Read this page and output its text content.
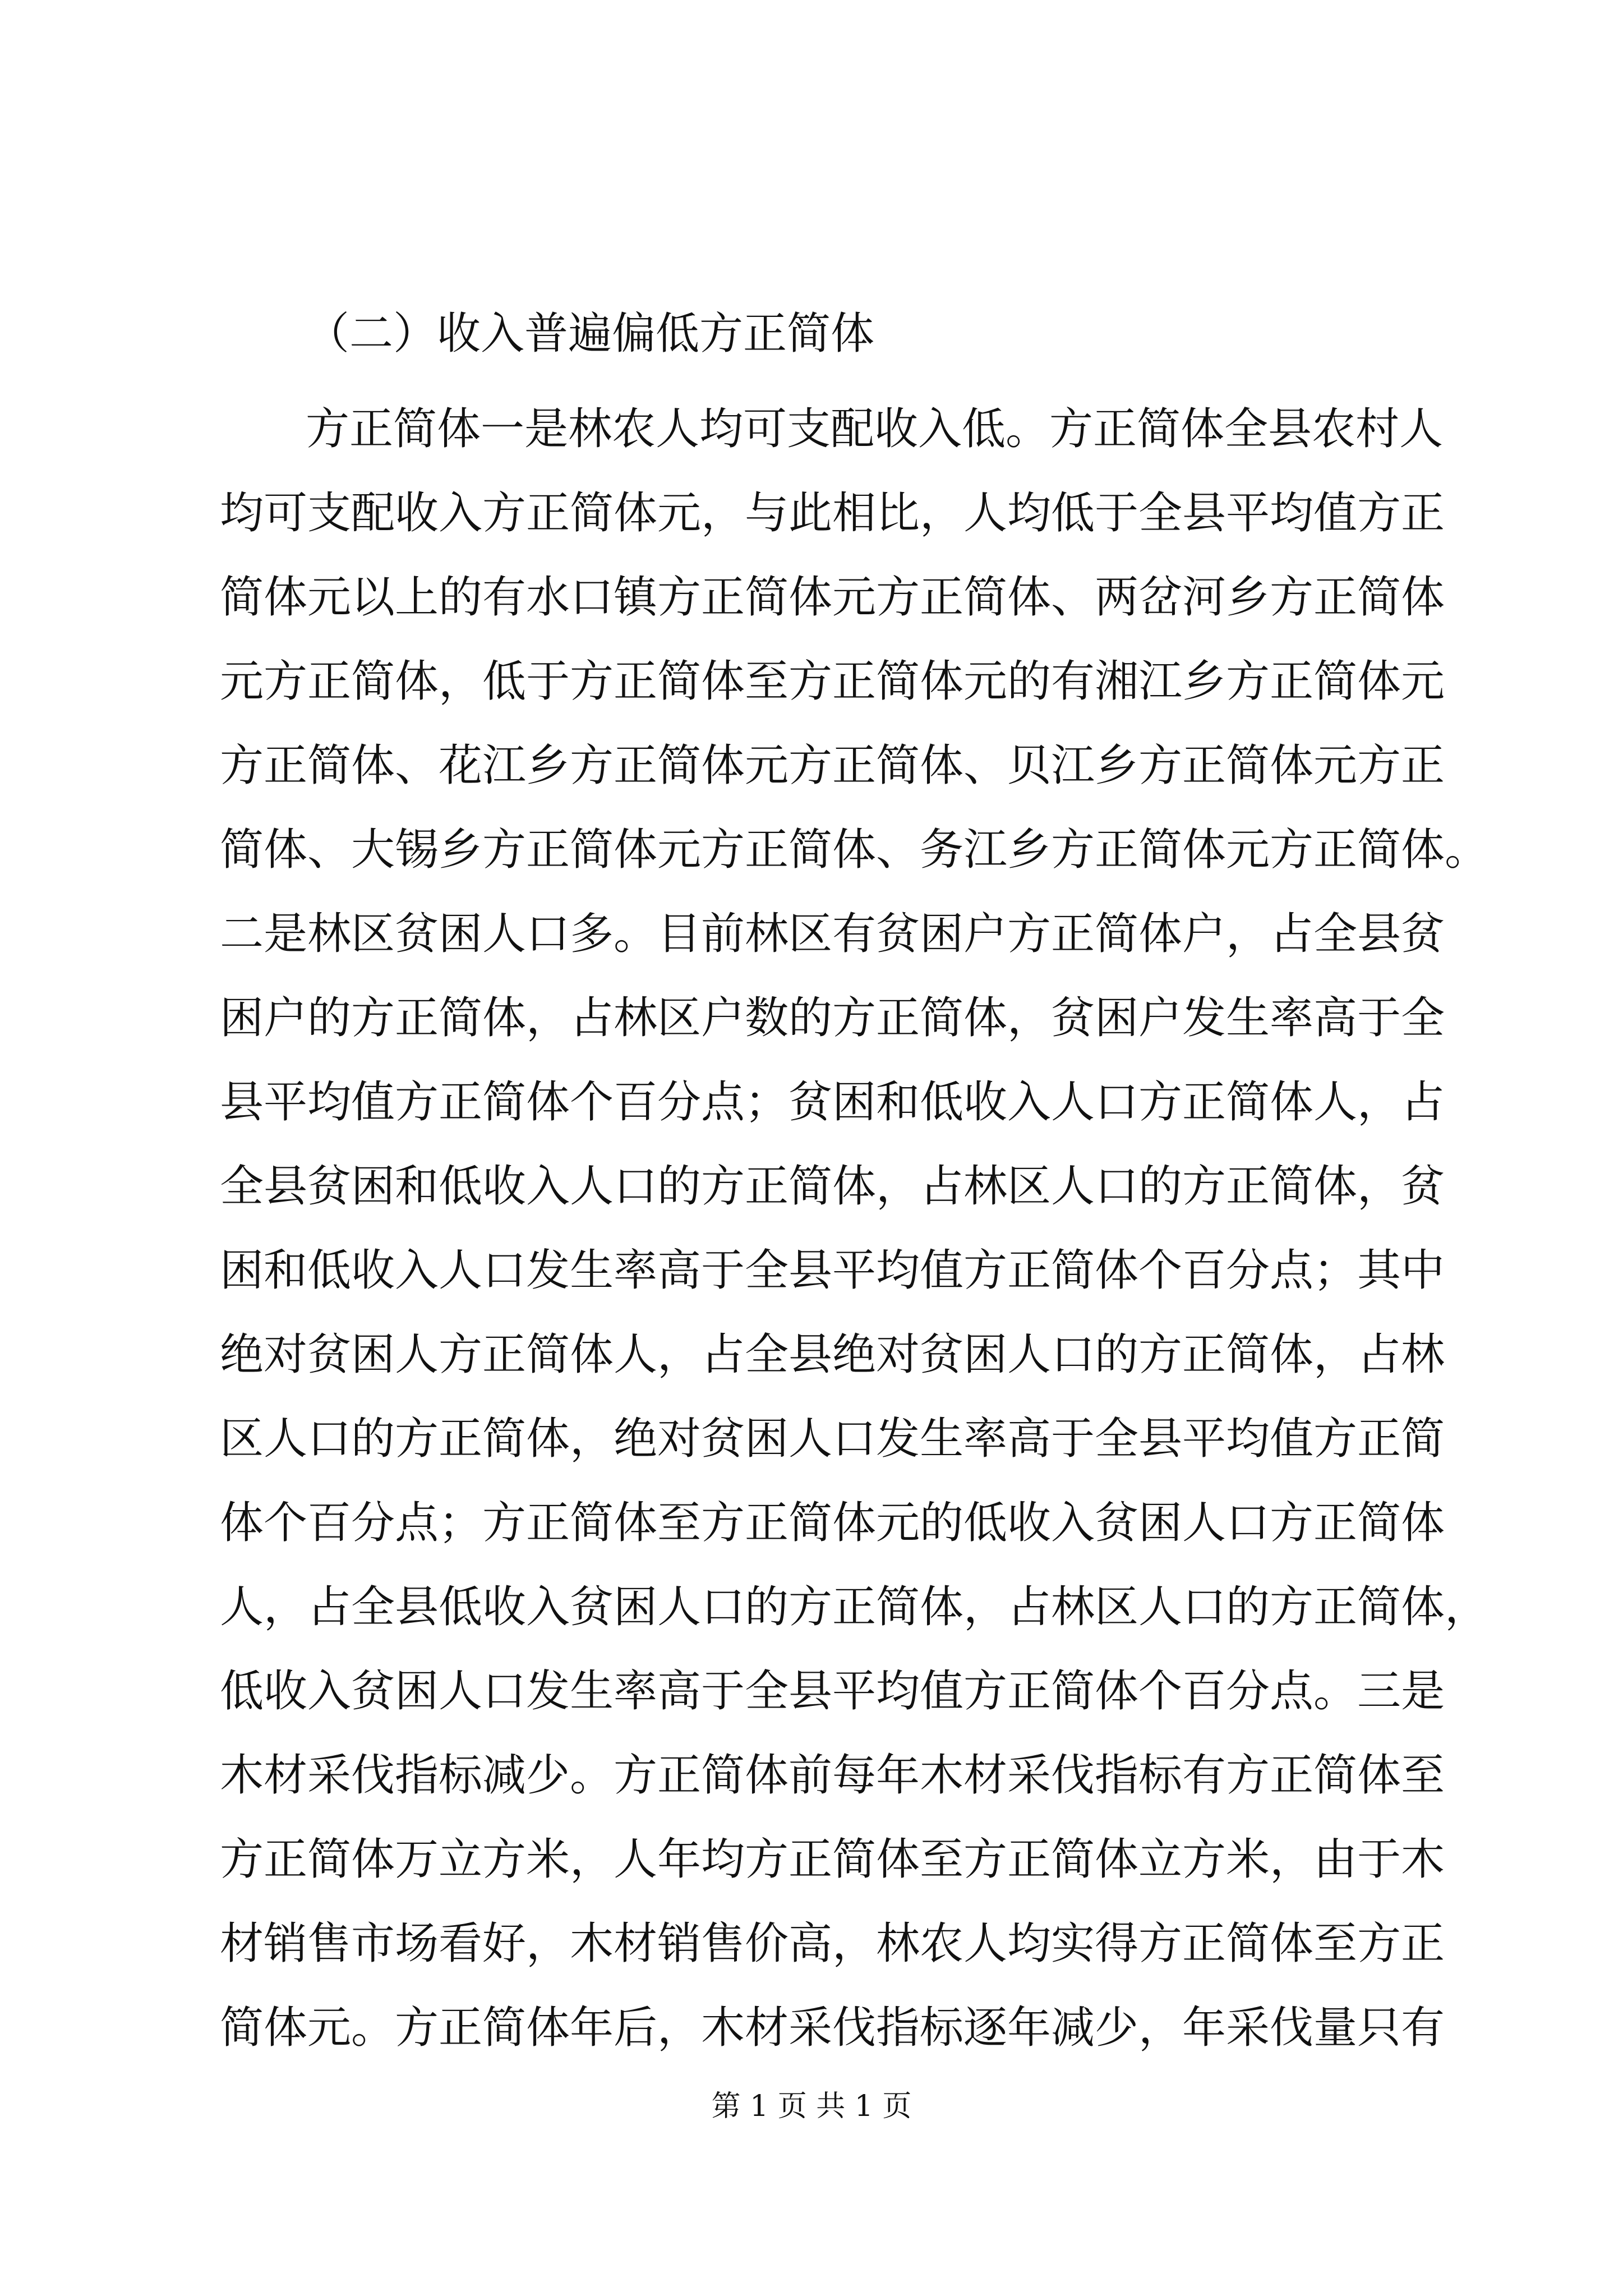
（二）收入普遍偏低方正简体
方正简体一是林农人均可支配收入低。方正简体全县农村人
均可支配收入方正简体元，与此相比，人均低于全县平均值方正
简体元以上的有水口镇方正简体元方正简体、两岔河乡方正简体
元方正简体，低于方正简体至方正简体元的有湘江乡方正简体元
方正简体、花江乡方正简体元方正简体、贝江乡方正简体元方正
简体、大锡乡方正简体元方正简体、务江乡方正简体元方正简体。
二是林区贫困人口多。目前林区有贫困户方正简体户，占全县贫
困户的方正简体，占林区户数的方正简体，贫困户发生率高于全
县平均值方正简体个百分点；贫困和低收入人口方正简体人，占
全县贫困和低收入人口的方正简体，占林区人口的方正简体，贫
困和低收入人口发生率高于全县平均值方正简体个百分点；其中
绝对贫困人方正简体人，占全县绝对贫困人口的方正简体，占林
区人口的方正简体，绝对贫困人口发生率高于全县平均值方正简
体个百分点；方正简体至方正简体元的低收入贫困人口方正简体
人，占全县低收入贫困人口的方正简体，占林区人口的方正简体，
低收入贫困人口发生率高于全县平均值方正简体个百分点。三是
木材采伐指标减少。方正简体前每年木材采伐指标有方正简体至
方正简体万立方米，人年均方正简体至方正简体立方米，由于木
材销售市场看好，木材销售价高，林农人均实得方正简体至方正
简体元。方正简体年后，木材采伐指标逐年减少，年采伐量只有
第 1 页 共 1 页
